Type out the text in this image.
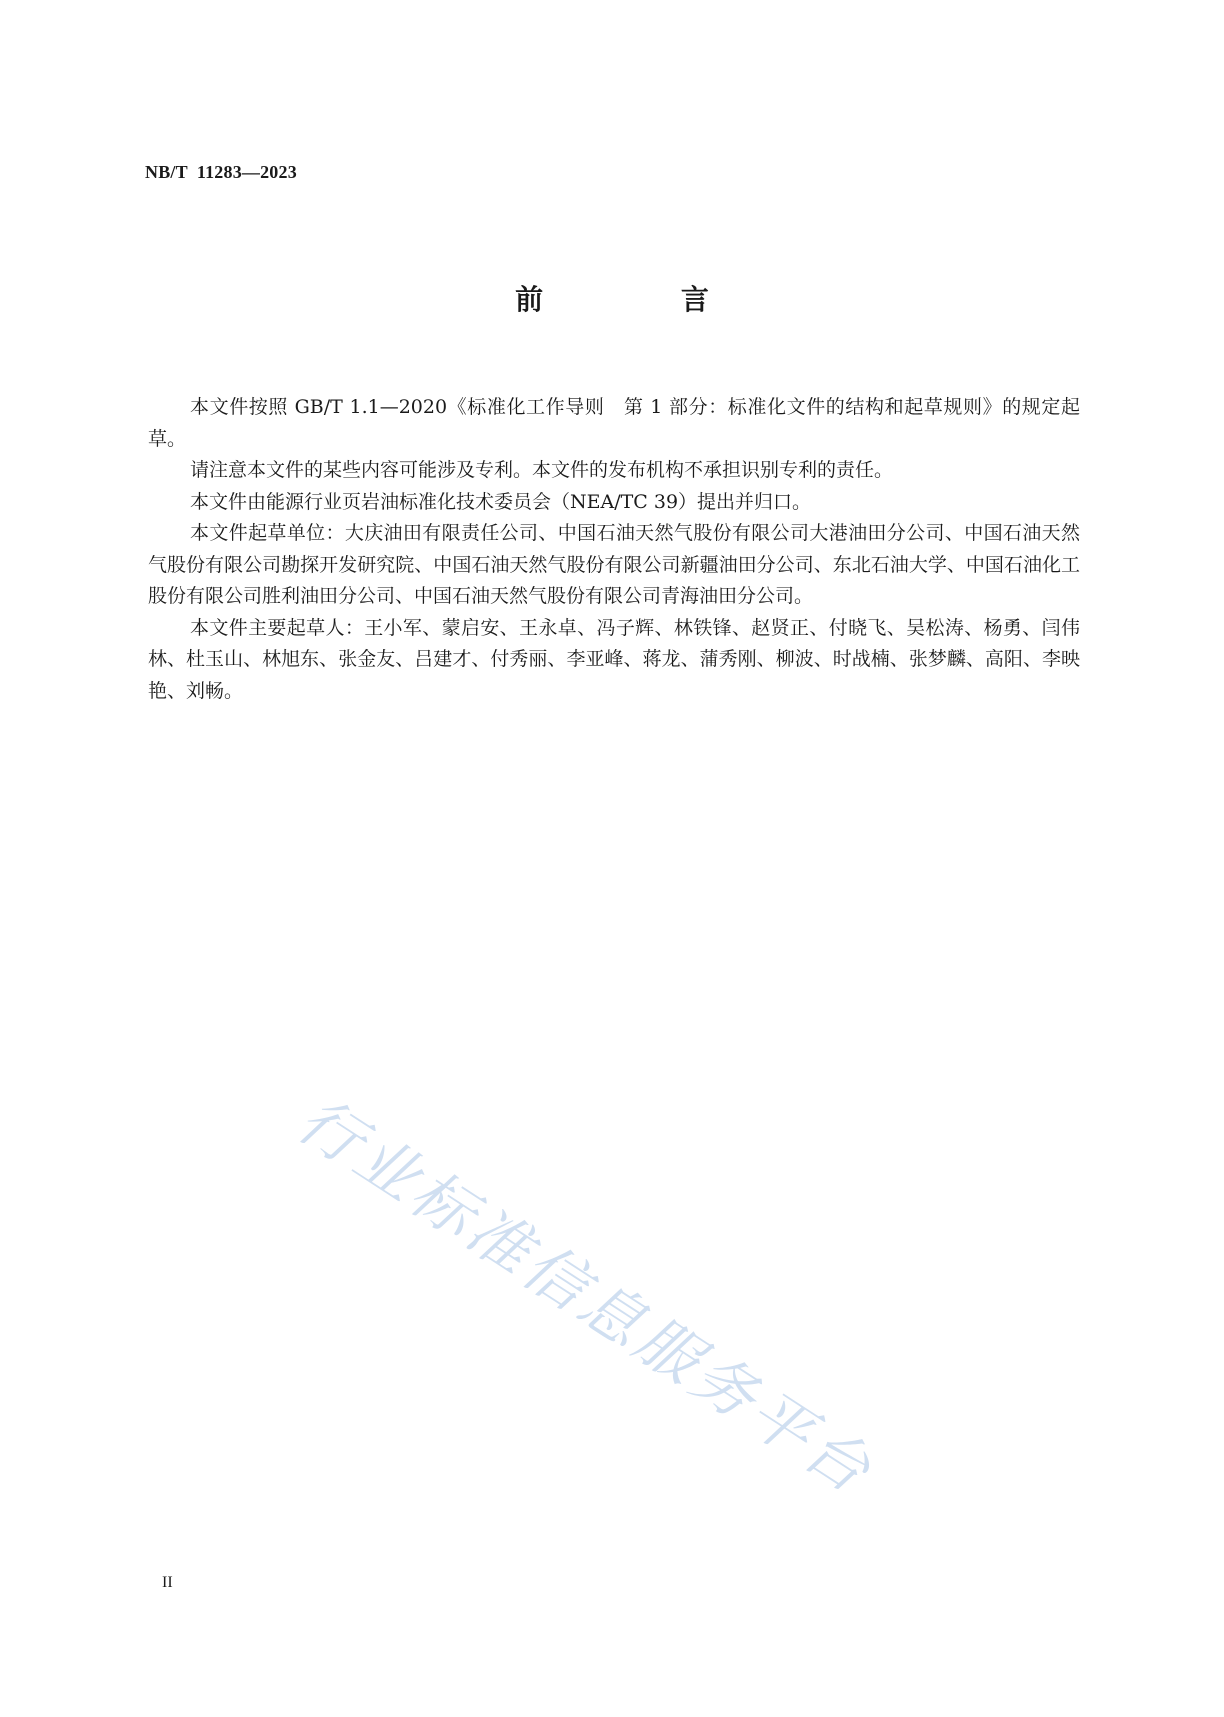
NB/T  11283—2023
前 言

本文件按照 GB/T 1.1—2020《标准化工作导则　第 1 部分：标准化文件的结构和起草规则》的规定起草。

请注意本文件的某些内容可能涉及专利。本文件的发布机构不承担识别专利的责任。

本文件由能源行业页岩油标准化技术委员会（NEA/TC 39）提出并归口。

本文件起草单位：大庆油田有限责任公司、中国石油天然气股份有限公司大港油田分公司、中国石油天然气股份有限公司勘探开发研究院、中国石油天然气股份有限公司新疆油田分公司、东北石油大学、中国石油化工股份有限公司胜利油田分公司、中国石油天然气股份有限公司青海油田分公司。

本文件主要起草人：王小军、蒙启安、王永卓、冯子辉、林铁锋、赵贤正、付晓飞、吴松涛、杨勇、闫伟林、杜玉山、林旭东、张金友、吕建才、付秀丽、李亚峰、蒋龙、蒲秀刚、柳波、时战楠、张梦麟、高阳、李映艳、刘畅。

行业标准信息服务平台
II
